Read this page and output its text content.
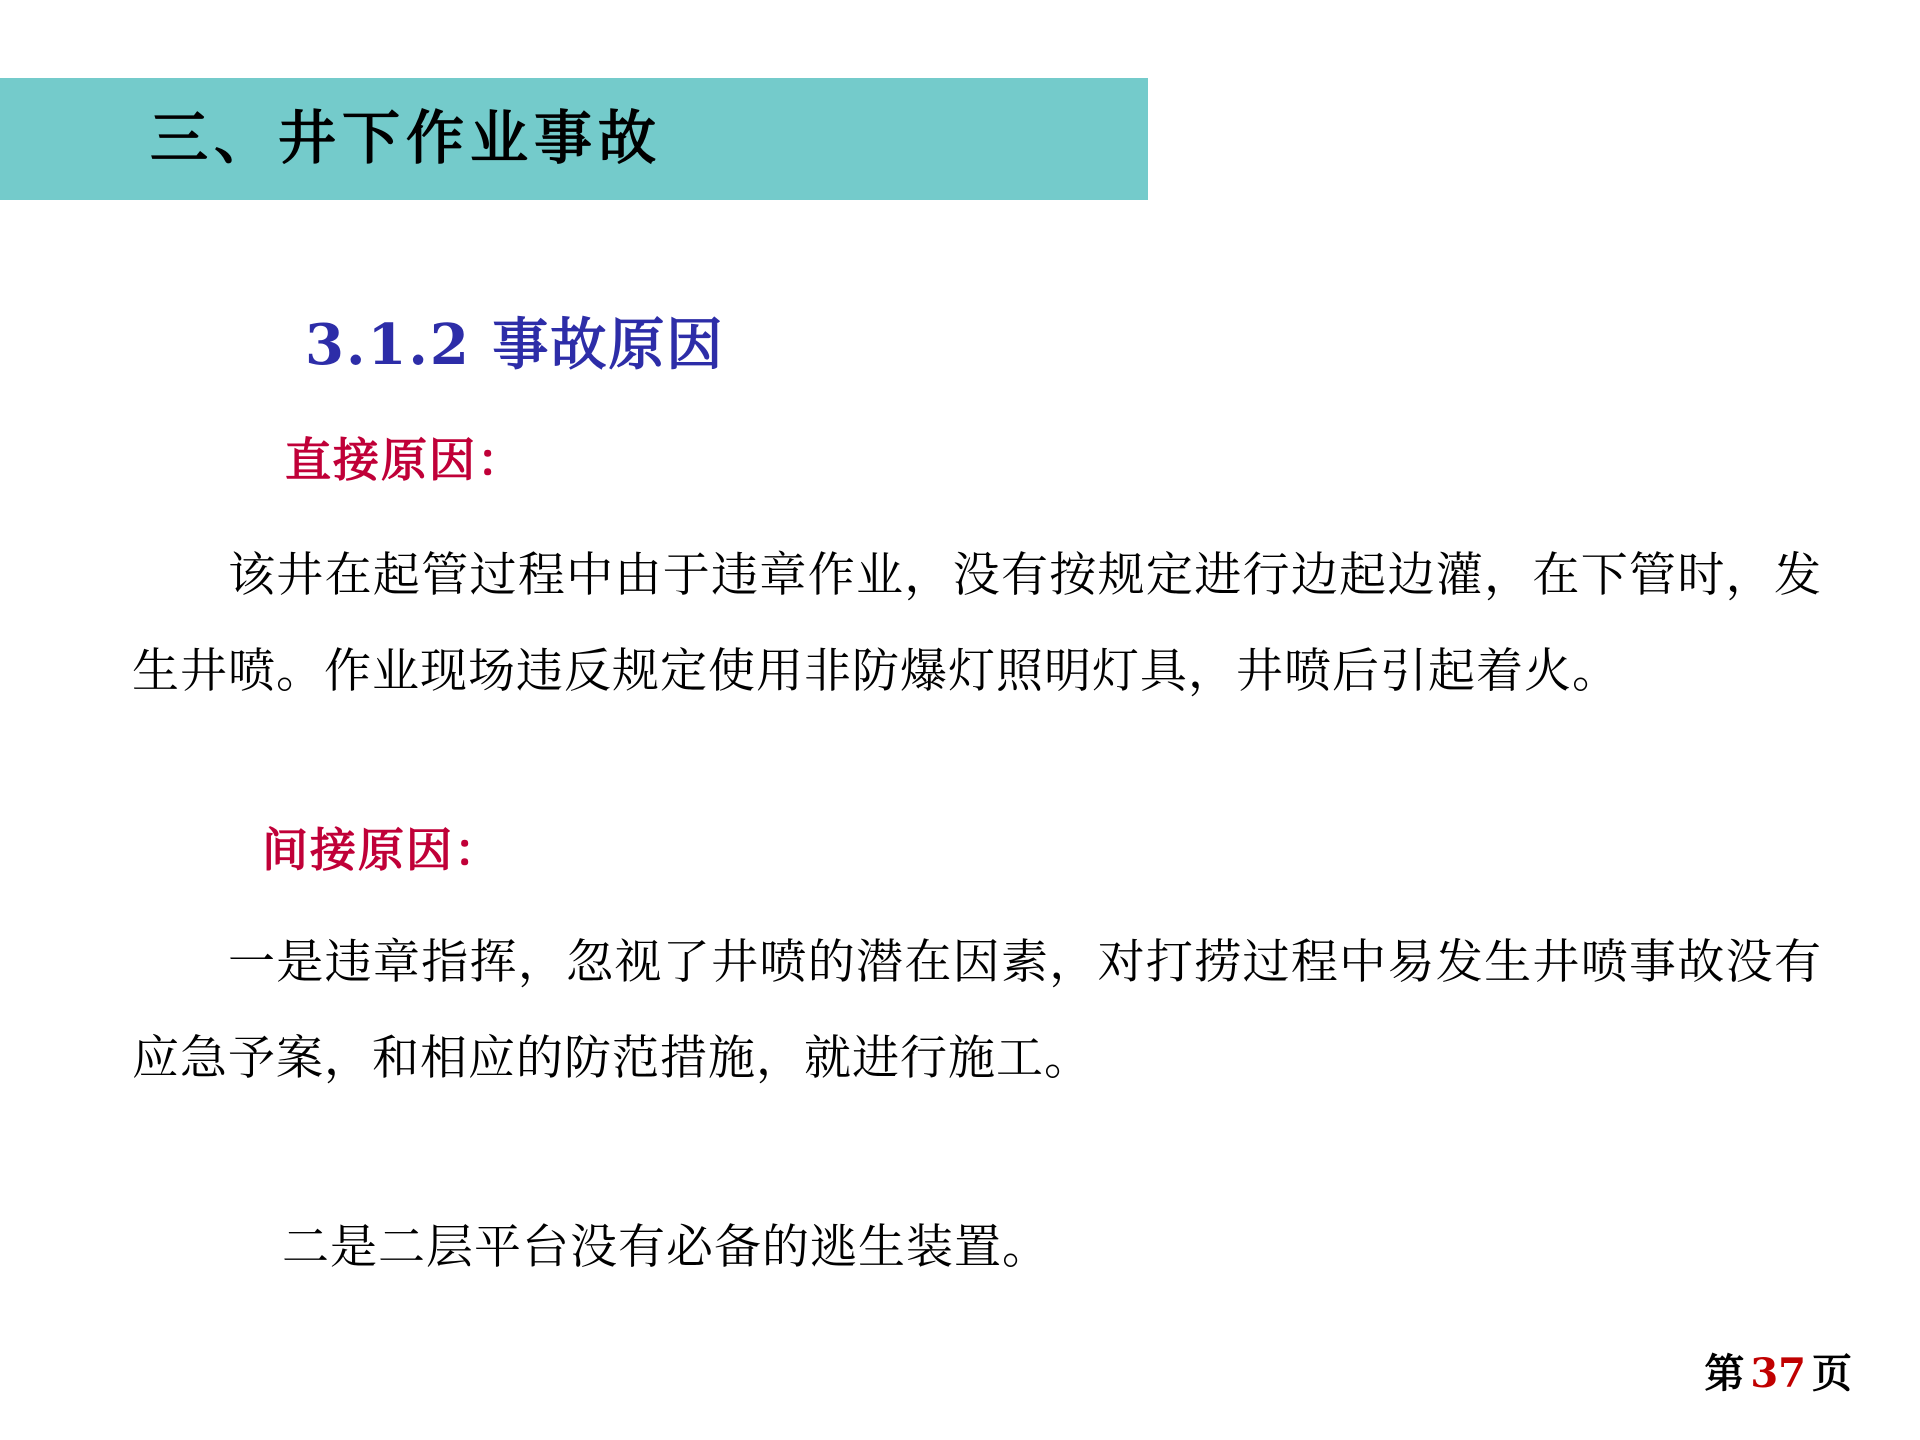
三、井下作业事故
3.1.2 事故原因
直接原因：
该井在起管过程中由于违章作业，没有按规定进行边起边灌，在下管时，发生井喷。作业现场违反规定使用非防爆灯照明灯具，井喷后引起着火。
间接原因：
一是违章指挥，忽视了井喷的潜在因素，对打捞过程中易发生井喷事故没有应急予案，和相应的防范措施，就进行施工。
二是二层平台没有必备的逃生装置。
第 37 页
